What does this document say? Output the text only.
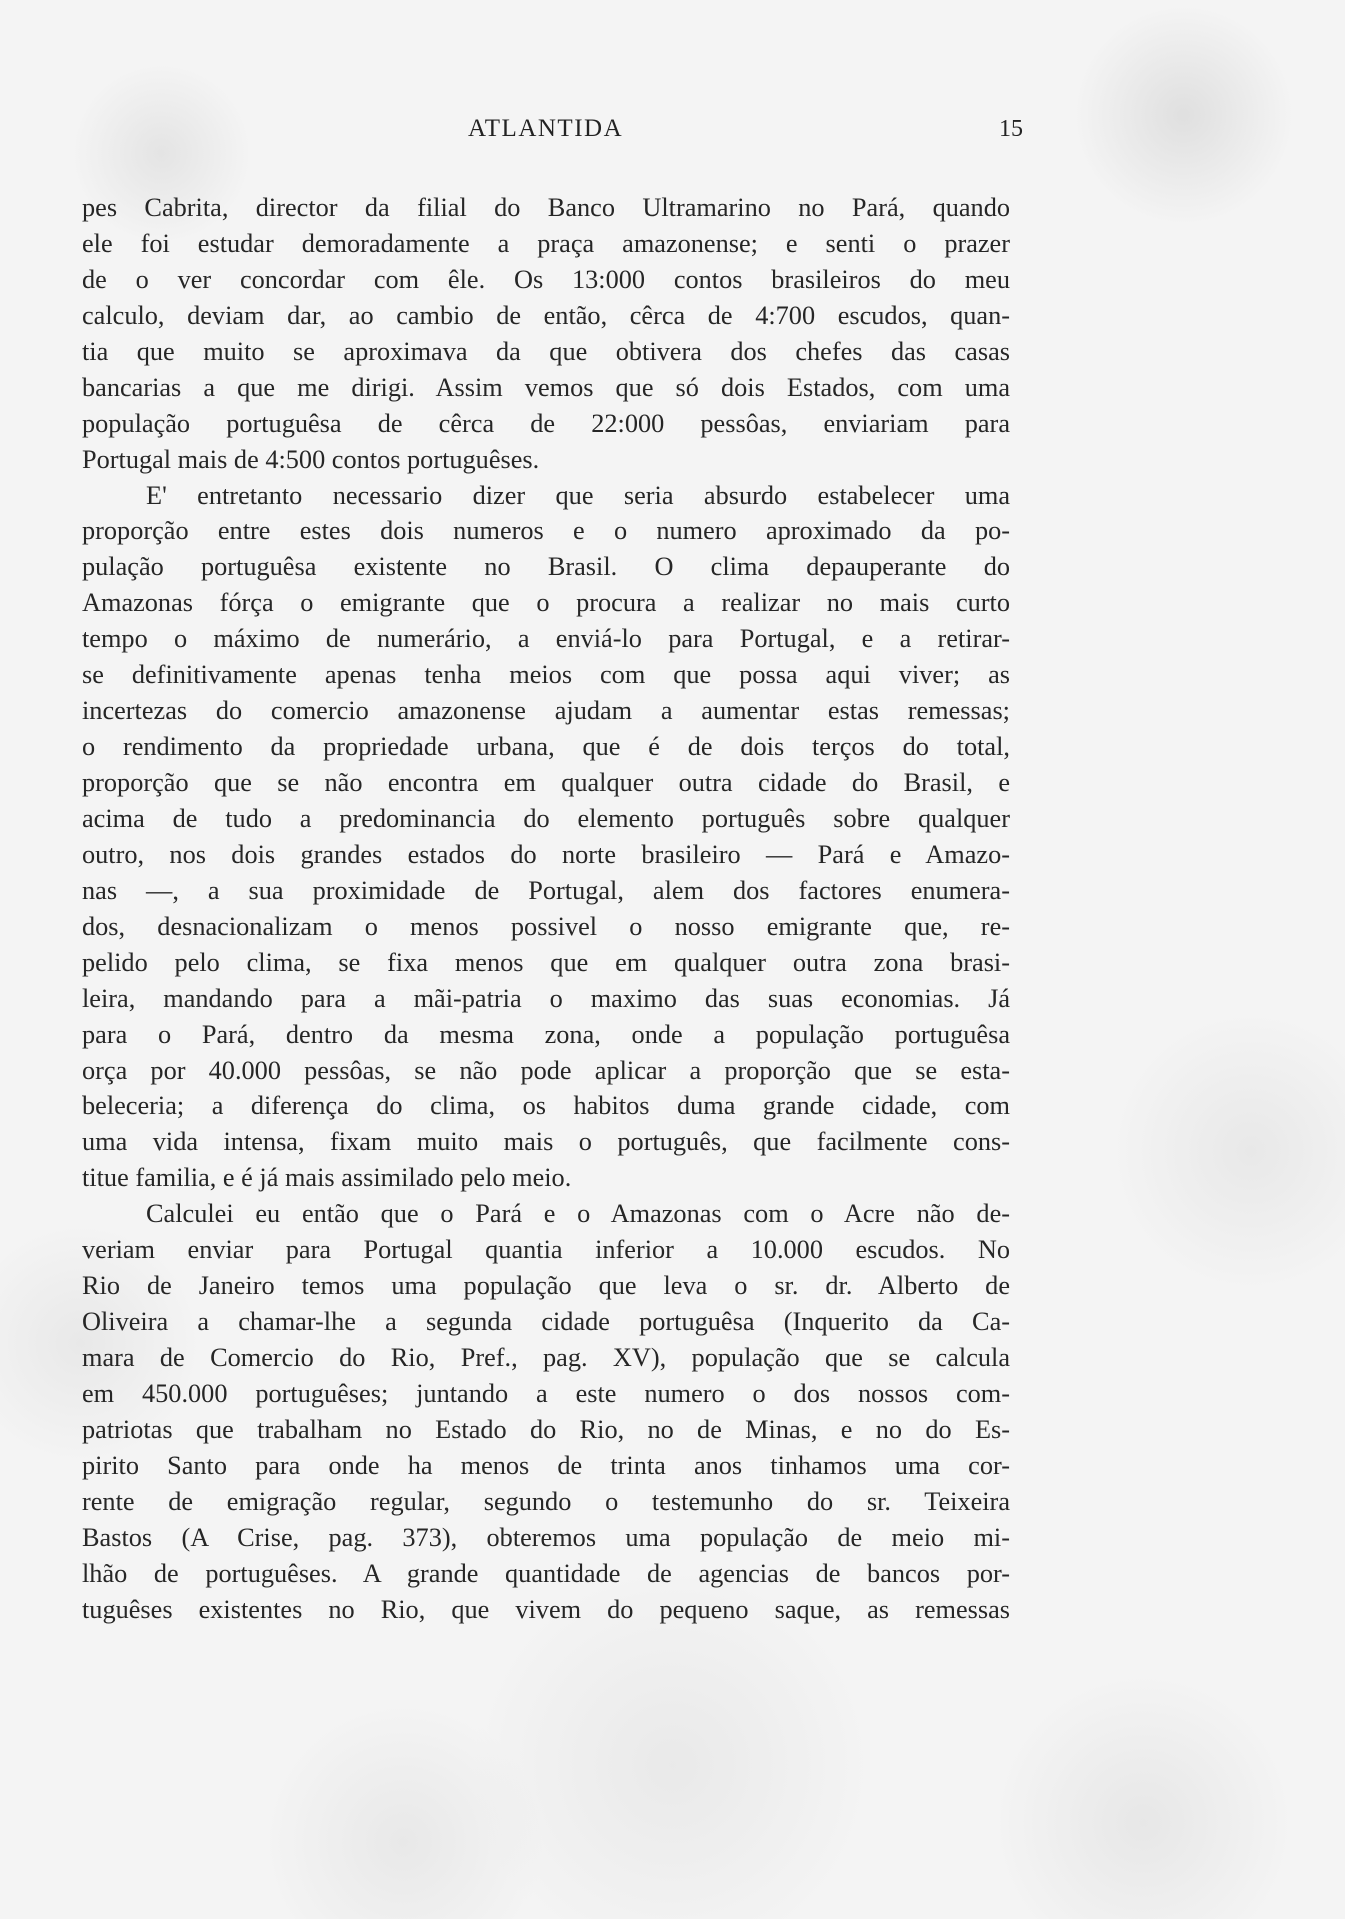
ATLANTIDA	15
pes Cabrita, director da filial do Banco Ultramarino no Pará, quando
ele foi estudar demoradamente a praça amazonense; e senti o prazer
de o ver concordar com êle. Os 13:000 contos brasileiros do meu
calculo, deviam dar, ao cambio de então, cêrca de 4:700 escudos, quan-
tia que muito se aproximava da que obtivera dos chefes das casas
bancarias a que me dirigi. Assim vemos que só dois Estados, com uma
população portuguêsa de cêrca de 22:000 pessôas, enviariam para
Portugal mais de 4:500 contos portuguêses.
E' entretanto necessario dizer que seria absurdo estabelecer uma
proporção entre estes dois numeros e o numero aproximado da po-
pulação portuguêsa existente no Brasil. O clima depauperante do
Amazonas fórça o emigrante que o procura a realizar no mais curto
tempo o máximo de numerário, a enviá-lo para Portugal, e a retirar-
se definitivamente apenas tenha meios com que possa aqui viver; as
incertezas do comercio amazonense ajudam a aumentar estas remessas;
o rendimento da propriedade urbana, que é de dois terços do total,
proporção que se não encontra em qualquer outra cidade do Brasil, e
acima de tudo a predominancia do elemento português sobre qualquer
outro, nos dois grandes estados do norte brasileiro — Pará e Amazo-
nas —, a sua proximidade de Portugal, alem dos factores enumera-
dos, desnacionalizam o menos possivel o nosso emigrante que, re-
pelido pelo clima, se fixa menos que em qualquer outra zona brasi-
leira, mandando para a mãi-patria o maximo das suas economias. Já
para o Pará, dentro da mesma zona, onde a população portuguêsa
orça por 40.000 pessôas, se não pode aplicar a proporção que se esta-
beleceria; a diferença do clima, os habitos duma grande cidade, com
uma vida intensa, fixam muito mais o português, que facilmente cons-
titue familia, e é já mais assimilado pelo meio.
Calculei eu então que o Pará e o Amazonas com o Acre não de-
veriam enviar para Portugal quantia inferior a 10.000 escudos. No
Rio de Janeiro temos uma população que leva o sr. dr. Alberto de
Oliveira a chamar-lhe a segunda cidade portuguêsa (Inquerito da Ca-
mara de Comercio do Rio, Pref., pag. XV), população que se calcula
em 450.000 portuguêses; juntando a este numero o dos nossos com-
patriotas que trabalham no Estado do Rio, no de Minas, e no do Es-
pirito Santo para onde ha menos de trinta anos tinhamos uma cor-
rente de emigração regular, segundo o testemunho do sr. Teixeira
Bastos (A Crise, pag. 373), obteremos uma população de meio mi-
lhão de portuguêses. A grande quantidade de agencias de bancos por-
tuguêses existentes no Rio, que vivem do pequeno saque, as remessas
